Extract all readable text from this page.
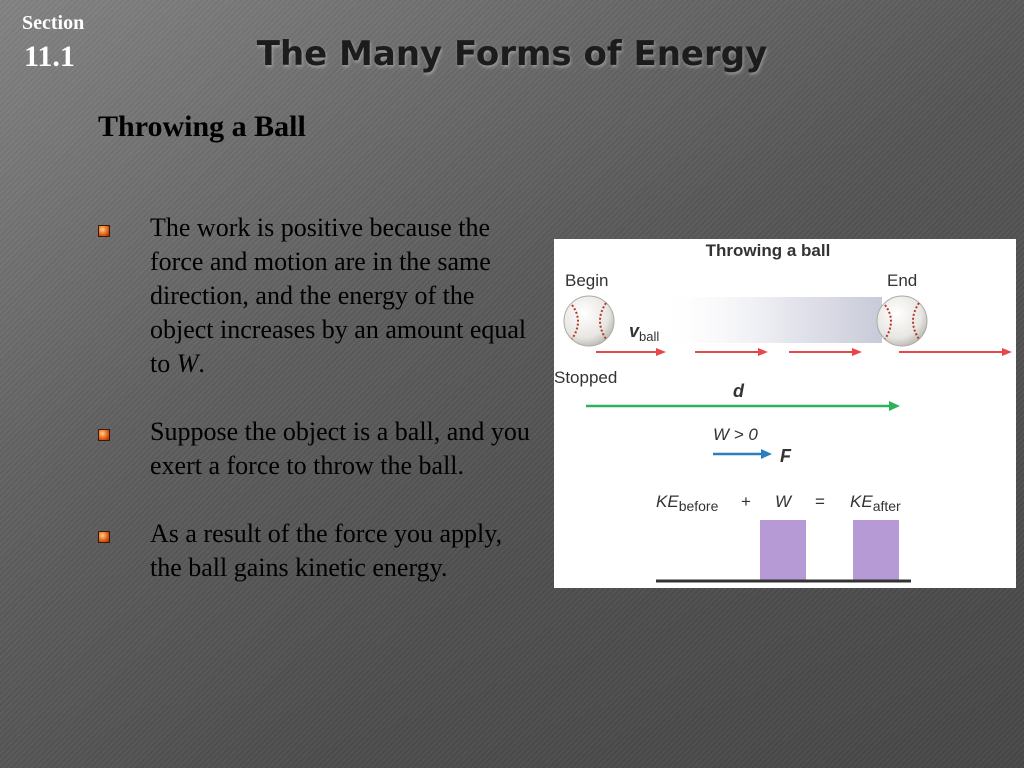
Section
11.1	The Many Forms of Energy
Throwing a Ball
The work is positive because the force and motion are in the same direction, and the energy of the object increases by an amount equal to W.
Suppose the object is a ball, and you exert a force to throw the ball.
As a result of the force you apply, the ball gains kinetic energy.
Throwing a ball
Begin	End
$v_{ball}$
Stopped
d
W > 0
F
$KE_{before} + W = KE_{after}$
